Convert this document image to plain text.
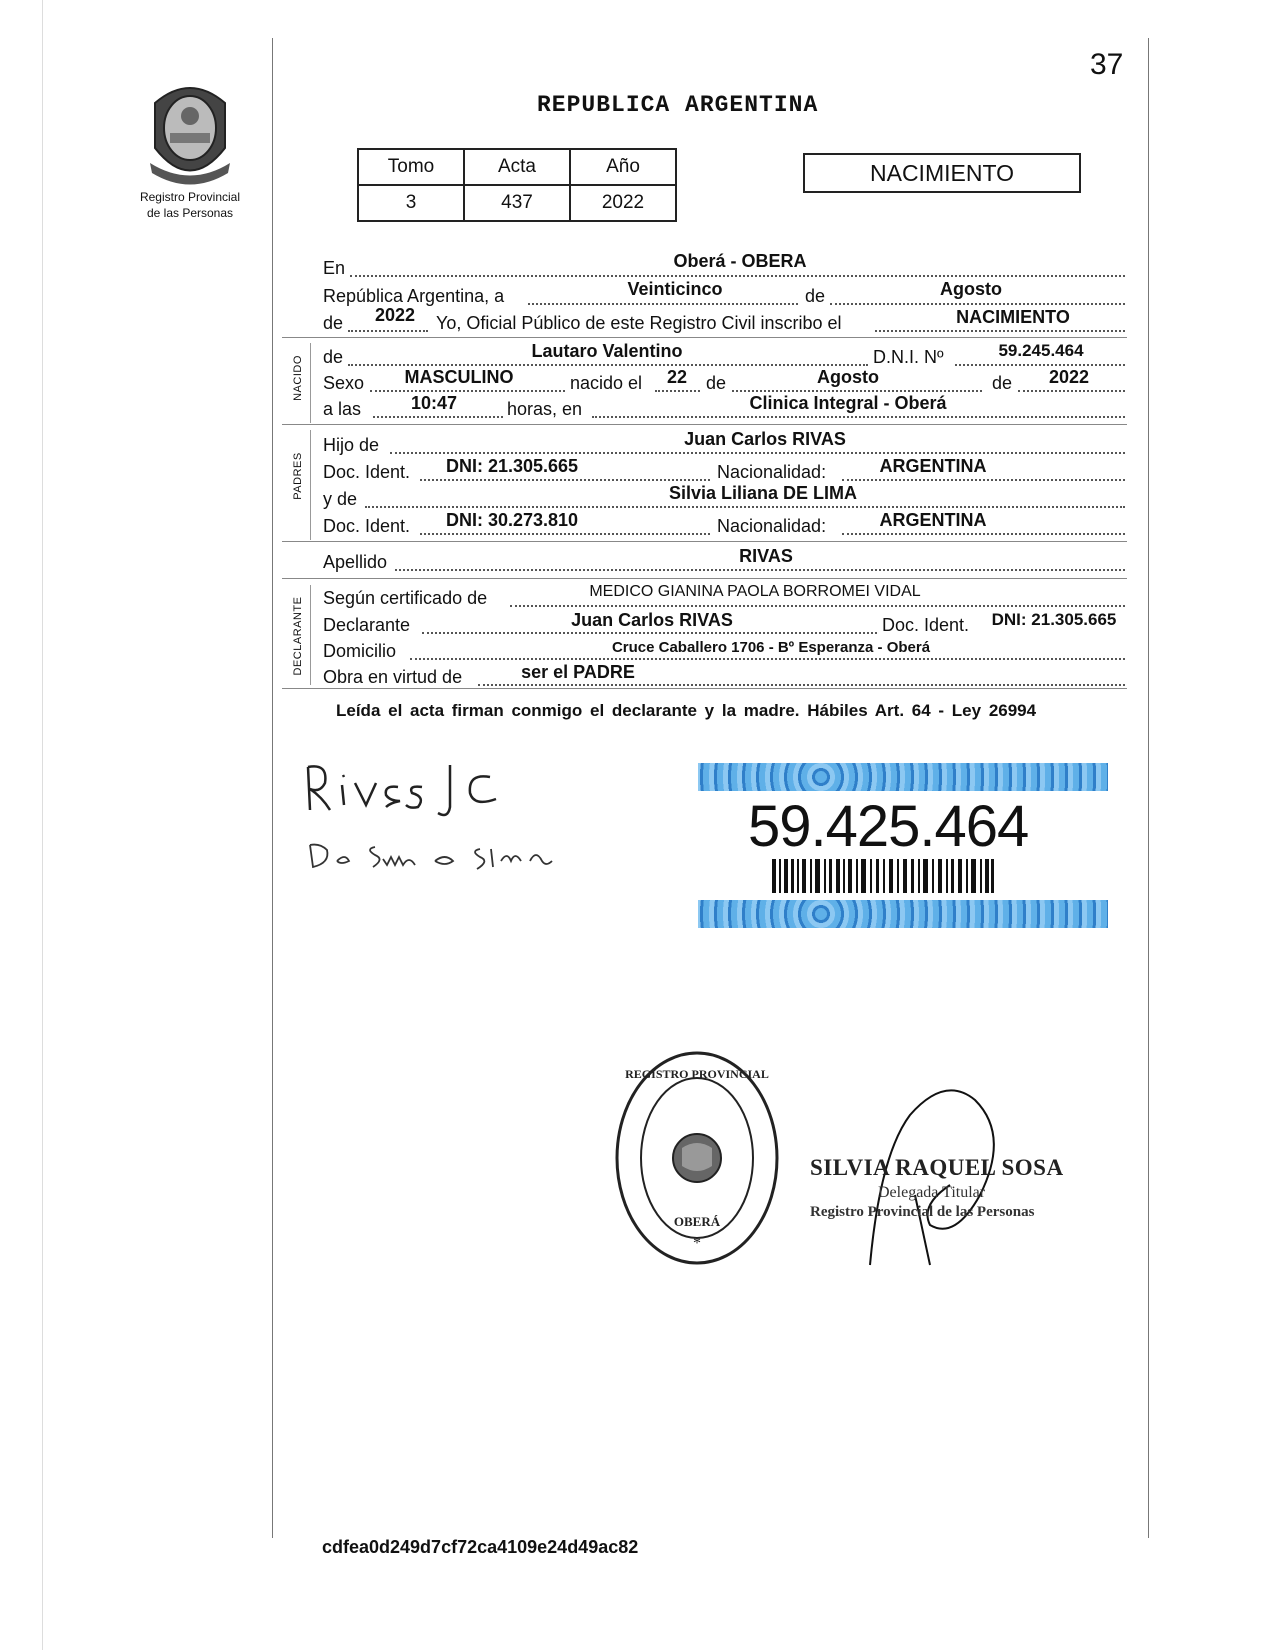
37
Registro Provincial
de las Personas
REPUBLICA ARGENTINA
Tomo	Acta	Año
3	437	2022
NACIMIENTO
En	Oberá - OBERA
República Argentina, a	Veinticinco	de	Agosto
de 2022 Yo, Oficial Público de este Registro Civil inscribo el	NACIMIENTO
NACIDO de	Lautaro Valentino	D.N.I. Nº	59.245.464
Sexo MASCULINO	nacido el 22 de	Agosto	de 2022
a las	10:47	horas, en	Clinica Integral - Oberá
PADRES
Hijo de	Juan Carlos RIVAS
Doc. Ident. DNI: 21.305.665	Nacionalidad:	ARGENTINA
y de	Silvia Liliana DE LIMA
Doc. Ident. DNI: 30.273.810	Nacionalidad:	ARGENTINA
Apellido	RIVAS
DECLARANTE Según certificado de	MEDICO GIANINA PAOLA BORROMEI VIDAL
Declarante	Juan Carlos RIVAS	Doc. Ident. DNI: 21.305.665
Domicilio	Cruce Caballero 1706 - Bº Esperanza - Oberá
Obra en virtud de	ser el PADRE
Leída el acta firman conmigo el declarante y la madre. Hábiles Art. 64 - Ley 26994
59.425.464
REGISTRO PROVINCIAL
OBERÁ
*
SILVIA RAQUEL SOSA
Delegada Titular
Registro Provincial de las Personas
cdfea0d249d7cf72ca4109e24d49ac82
